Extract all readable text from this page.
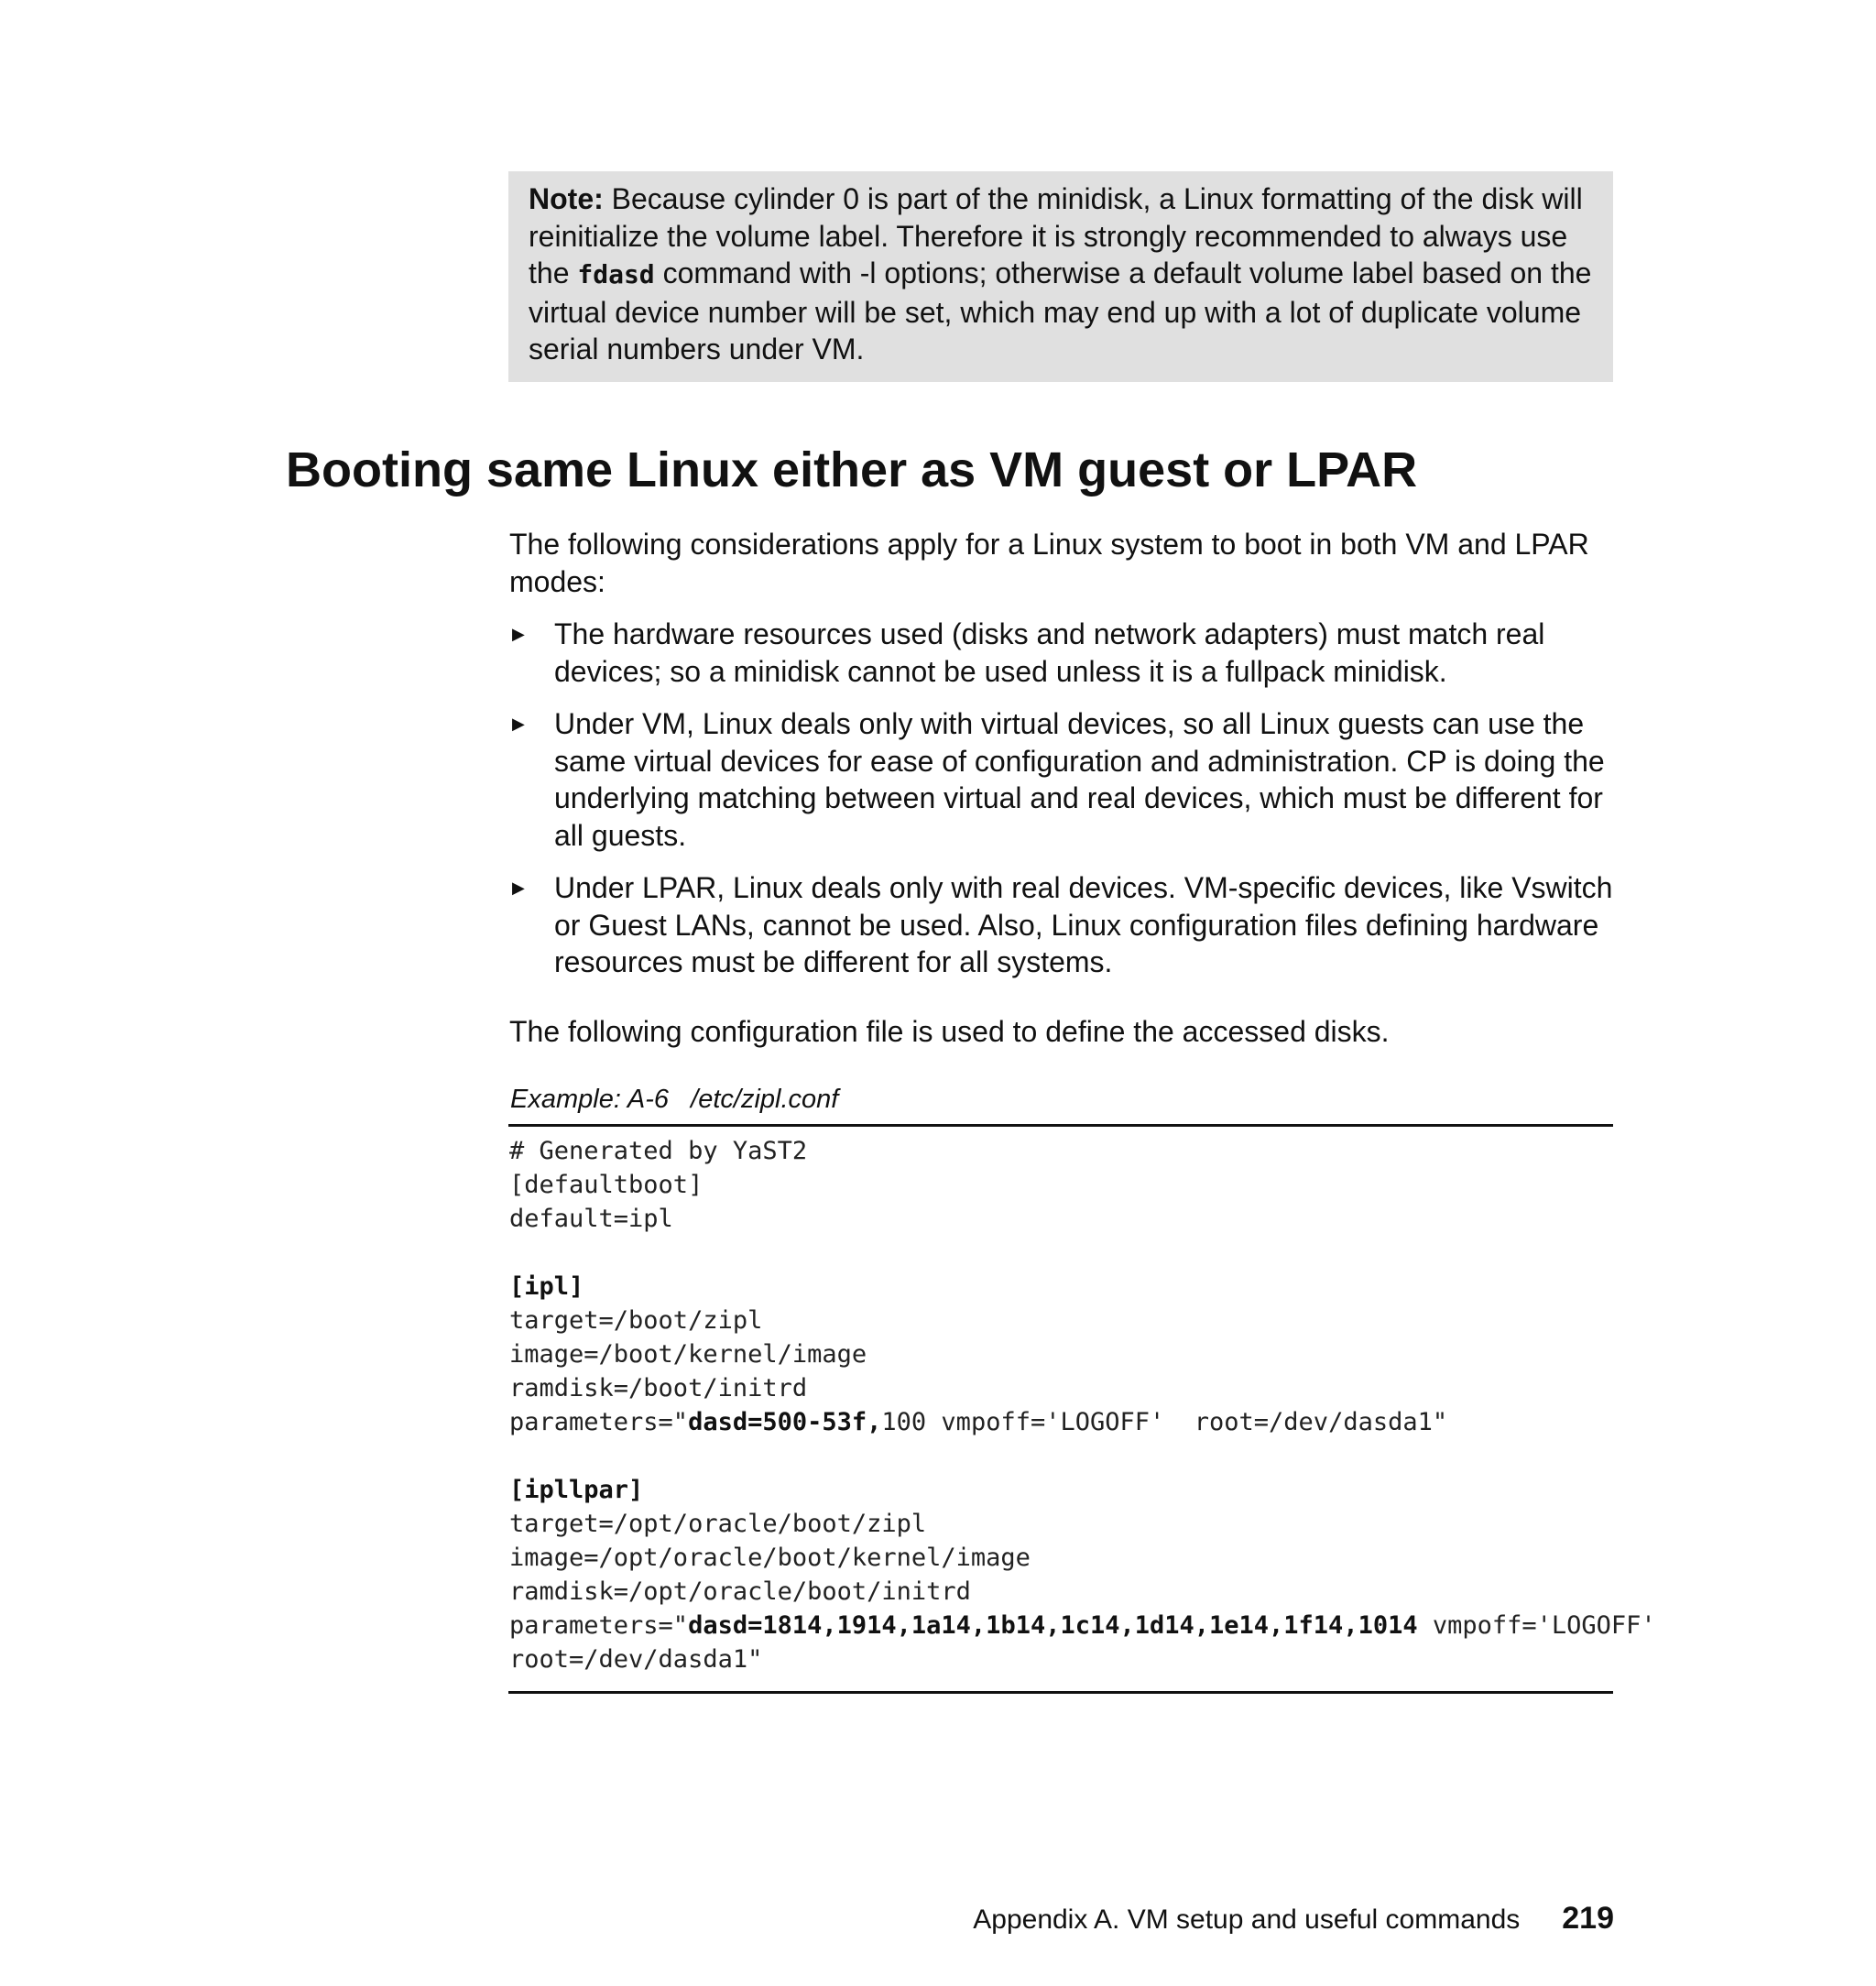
Note: Because cylinder 0 is part of the minidisk, a Linux formatting of the disk will reinitialize the volume label. Therefore it is strongly recommended to always use the fdasd command with -l options; otherwise a default volume label based on the virtual device number will be set, which may end up with a lot of duplicate volume serial numbers under VM.
Booting same Linux either as VM guest or LPAR

The following considerations apply for a Linux system to boot in both VM and LPAR modes:

▶ The hardware resources used (disks and network adapters) must match real devices; so a minidisk cannot be used unless it is a fullpack minidisk.
▶ Under VM, Linux deals only with virtual devices, so all Linux guests can use the same virtual devices for ease of configuration and administration. CP is doing the underlying matching between virtual and real devices, which must be different for all guests.
▶ Under LPAR, Linux deals only with real devices. VM-specific devices, like Vswitch or Guest LANs, cannot be used. Also, Linux configuration files defining hardware resources must be different for all systems.

The following configuration file is used to define the accessed disks.

Example: A-6   /etc/zipl.conf
# Generated by YaST2
[defaultboot]
default=ipl

[ipl]
target=/boot/zipl
image=/boot/kernel/image
ramdisk=/boot/initrd
parameters="dasd=500-53f,100 vmpoff='LOGOFF'  root=/dev/dasda1"

[ipllpar]
target=/opt/oracle/boot/zipl
image=/opt/oracle/boot/kernel/image
ramdisk=/opt/oracle/boot/initrd
parameters="dasd=1814,1914,1a14,1b14,1c14,1d14,1e14,1f14,1014 vmpoff='LOGOFF'
root=/dev/dasda1"
Appendix A. VM setup and useful commands 219
